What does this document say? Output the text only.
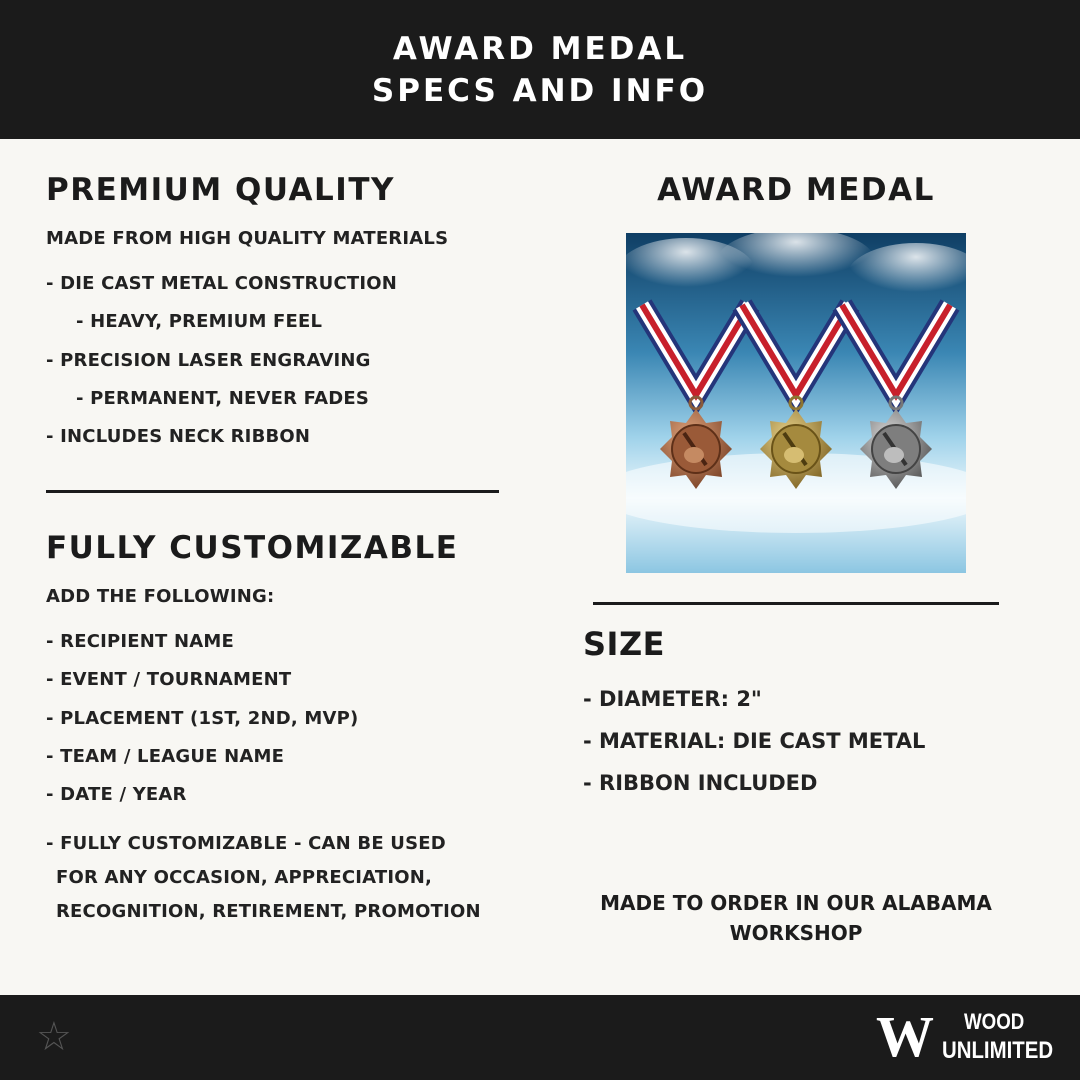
AWARD MEDAL
SPECS AND INFO
PREMIUM QUALITY
MADE FROM HIGH QUALITY MATERIALS
- DIE CAST METAL CONSTRUCTION
- HEAVY, PREMIUM FEEL
- PRECISION LASER ENGRAVING
- PERMANENT, NEVER FADES
- INCLUDES NECK RIBBON
FULLY CUSTOMIZABLE
ADD THE FOLLOWING:
- RECIPIENT NAME
- EVENT / TOURNAMENT
- PLACEMENT (1ST, 2ND, MVP)
- TEAM / LEAGUE NAME
- DATE / YEAR
- FULLY CUSTOMIZABLE - CAN BE USED
FOR ANY OCCASION, APPRECIATION,
RECOGNITION, RETIREMENT, PROMOTION
AWARD MEDAL
SIZE
- DIAMETER: 2"
- MATERIAL: DIE CAST METAL
- RIBBON INCLUDED
MADE TO ORDER IN OUR ALABAMA
WORKSHOP
☆	W WOOD
UNLIMITED
